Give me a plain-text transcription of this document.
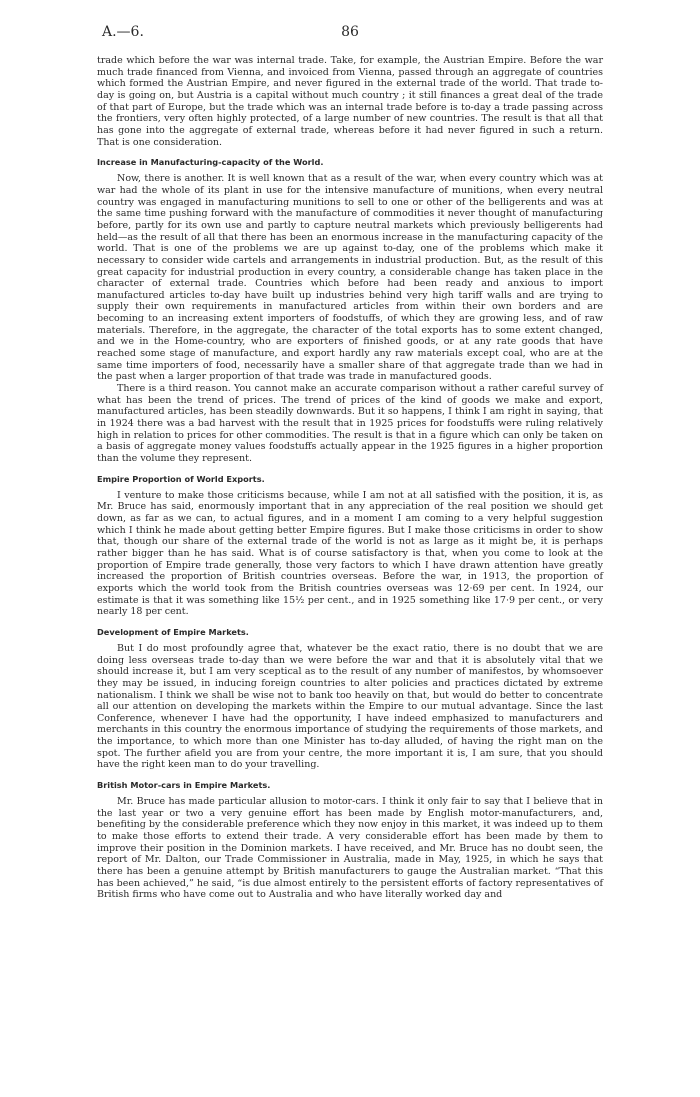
A.—6.	86

trade which before the war was internal trade. Take, for example, the Austrian Empire. Before the war much trade financed from Vienna, and invoiced from Vienna, passed through an aggregate of countries which formed the Austrian Empire, and never figured in the external trade of the world. That trade to-day is going on, but Austria is a capital without much country ; it still finances a great deal of the trade of that part of Europe, but the trade which was an internal trade before is to-day a trade passing across the frontiers, very often highly protected, of a large number of new countries. The result is that all that has gone into the aggregate of external trade, whereas before it had never figured in such a return. That is one consideration.

Increase in Manufacturing-capacity of the World.

Now, there is another. It is well known that as a result of the war, when every country which was at war had the whole of its plant in use for the intensive manufacture of munitions, when every neutral country was engaged in manufacturing munitions to sell to one or other of the belligerents and was at the same time pushing forward with the manufacture of commodities it never thought of manufacturing before, partly for its own use and partly to capture neutral markets which previously belligerents had held—as the result of all that there has been an enormous increase in the manufacturing capacity of the world. That is one of the problems we are up against to-day, one of the problems which make it necessary to consider wide cartels and arrangements in industrial production. But, as the result of this great capacity for industrial production in every country, a considerable change has taken place in the character of external trade. Countries which before had been ready and anxious to import manufactured articles to-day have built up industries behind very high tariff walls and are trying to supply their own requirements in manufactured articles from within their own borders and are becoming to an increasing extent importers of foodstuffs, of which they are growing less, and of raw materials. Therefore, in the aggregate, the character of the total exports has to some extent changed, and we in the Home-country, who are exporters of finished goods, or at any rate goods that have reached some stage of manufacture, and export hardly any raw materials except coal, who are at the same time importers of food, necessarily have a smaller share of that aggregate trade than we had in the past when a larger proportion of that trade was trade in manufactured goods.

There is a third reason. You cannot make an accurate comparison without a rather careful survey of what has been the trend of prices. The trend of prices of the kind of goods we make and export, manufactured articles, has been steadily downwards. But it so happens, I think I am right in saying, that in 1924 there was a bad harvest with the result that in 1925 prices for foodstuffs were ruling relatively high in relation to prices for other commodities. The result is that in a figure which can only be taken on a basis of aggregate money values foodstuffs actually appear in the 1925 figures in a higher proportion than the volume they represent.

Empire Proportion of World Exports.

I venture to make those criticisms because, while I am not at all satisfied with the position, it is, as Mr. Bruce has said, enormously important that in any appreciation of the real position we should get down, as far as we can, to actual figures, and in a moment I am coming to a very helpful suggestion which I think he made about getting better Empire figures. But I make those criticisms in order to show that, though our share of the external trade of the world is not as large as it might be, it is perhaps rather bigger than he has said. What is of course satisfactory is that, when you come to look at the proportion of Empire trade generally, those very factors to which I have drawn attention have greatly increased the proportion of British countries overseas. Before the war, in 1913, the proportion of exports which the world took from the British countries overseas was 12·69 per cent. In 1924, our estimate is that it was something like 15½ per cent., and in 1925 something like 17·9 per cent., or very nearly 18 per cent.

Development of Empire Markets.

But I do most profoundly agree that, whatever be the exact ratio, there is no doubt that we are doing less overseas trade to-day than we were before the war and that it is absolutely vital that we should increase it, but I am very sceptical as to the result of any number of manifestos, by whomsoever they may be issued, in inducing foreign countries to alter policies and practices dictated by extreme nationalism. I think we shall be wise not to bank too heavily on that, but would do better to concentrate all our attention on developing the markets within the Empire to our mutual advantage. Since the last Conference, whenever I have had the opportunity, I have indeed emphasized to manufacturers and merchants in this country the enormous importance of studying the requirements of those markets, and the importance, to which more than one Minister has to-day alluded, of having the right man on the spot. The further afield you are from your centre, the more important it is, I am sure, that you should have the right keen man to do your travelling.

British Motor-cars in Empire Markets.

Mr. Bruce has made particular allusion to motor-cars. I think it only fair to say that I believe that in the last year or two a very genuine effort has been made by English motor-manufacturers, and, benefiting by the considerable preference which they now enjoy in this market, it was indeed up to them to make those efforts to extend their trade. A very considerable effort has been made by them to improve their position in the Dominion markets. I have received, and Mr. Bruce has no doubt seen, the report of Mr. Dalton, our Trade Commissioner in Australia, made in May, 1925, in which he says that there has been a genuine attempt by British manufacturers to gauge the Australian market. “That this has been achieved,” he said, “is due almost entirely to the persistent efforts of factory representatives of British firms who have come out to Australia and who have literally worked day and
